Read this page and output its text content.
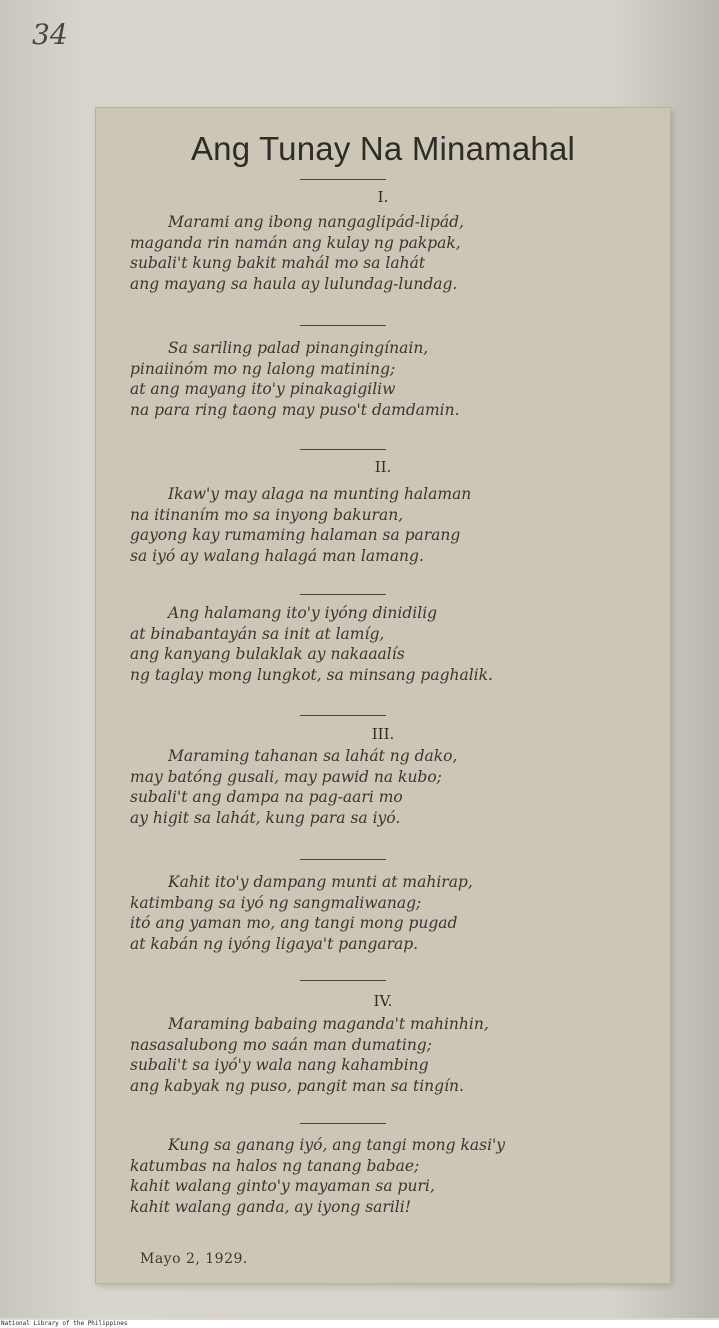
34
Ang Tunay Na Minamahal
I.
Marami ang ibong nangaglipád-lipád,
maganda rin namán ang kulay ng pakpak,
subali't kung bakit mahál mo sa lahát
ang mayang sa haula ay lulundag-lundag.
Sa sariling palad pinangingínain,
pinaiinóm mo ng lalong matining;
at ang mayang ito'y pinakagigiliw
na para ring taong may puso't damdamin.
II.
Ikaw'y may alaga na munting halaman
na itinaním mo sa inyong bakuran,
gayong kay rumaming halaman sa parang
sa iyó ay walang halagá man lamang.
Ang halamang ito'y iyóng dinidilig
at binabantayán sa init at lamíg,
ang kanyang bulaklak ay nakaaalís
ng taglay mong lungkot, sa minsang paghalik.
III.
Maraming tahanan sa lahát ng dako,
may batóng gusali, may pawid na kubo;
subali't ang dampa na pag-aari mo
ay higit sa lahát, kung para sa iyó.
Kahit ito'y dampang munti at mahirap,
katimbang sa iyó ng sangmaliwanag;
itó ang yaman mo, ang tangi mong pugad
at kabán ng iyóng ligaya't pangarap.
IV.
Maraming babaing maganda't mahinhin,
nasasalubong mo saán man dumating;
subali't sa iyó'y wala nang kahambing
ang kabyak ng puso, pangit man sa tingín.
Kung sa ganang iyó, ang tangi mong kasi'y
katumbas na halos ng tanang babae;
kahit walang ginto'y mayaman sa puri,
kahit walang ganda, ay iyong sarili!
Mayo 2, 1929.
National Library of the Philippines
